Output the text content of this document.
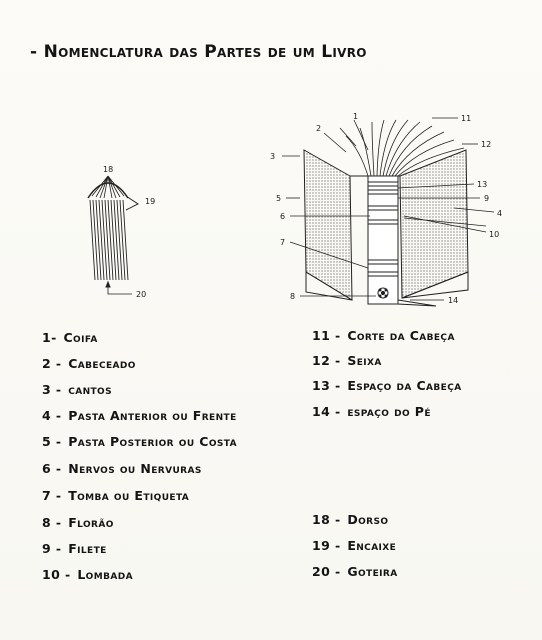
- Nomenclatura das Partes de um Livro
18
19
20
1
2
3
4
5
6
7
8
9
10
11
12
13
14
1- Coifa
2 - Cabeceado
3 - cantos
4 - Pasta Anterior ou Frente
5 - Pasta Posterior ou Costa
6 - Nervos ou Nervuras
7 - Tomba ou Etiqueta
8 - Florão
9 - Filete
10 - Lombada
11 - Corte da Cabeça
12 - Seixa
13 - Espaço da Cabeça
14 - espaço do Pé
18 - Dorso
19 - Encaixe
20 - Goteira
